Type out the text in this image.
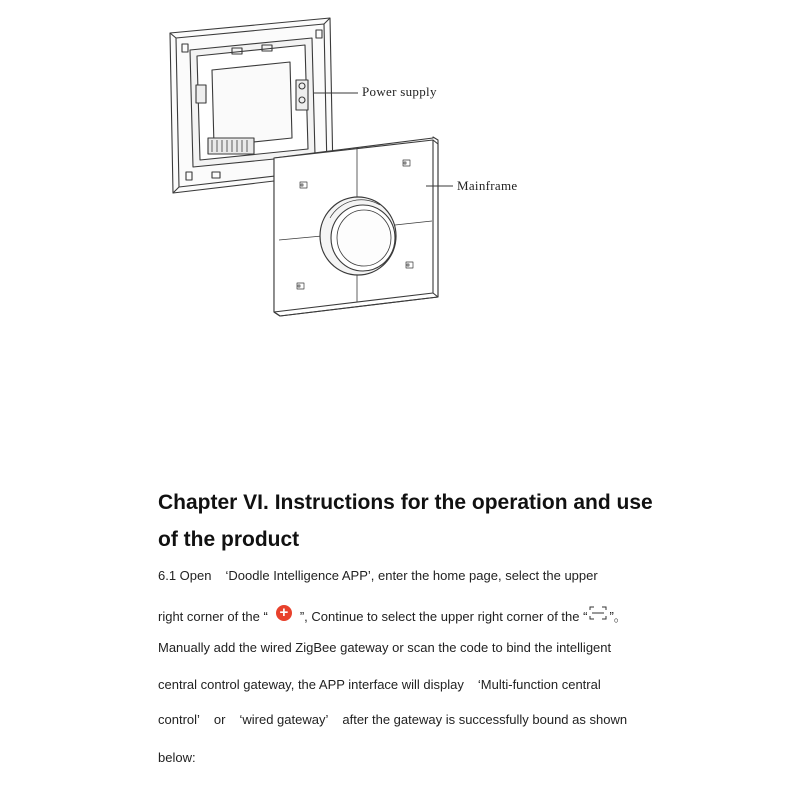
Power supply
Mainframe
Chapter VI. Instructions for the operation and use
of the product
6.1 Open ‘Doodle Intelligence APP’, enter the home page, select the upper
right corner of the “ + ”, Continue to select the upper right corner of the “ ”。
Manually add the wired ZigBee gateway or scan the code to bind the intelligent
central control gateway, the APP interface will display ‘Multi-function central
control’ or ‘wired gateway’ after the gateway is successfully bound as shown
below:
